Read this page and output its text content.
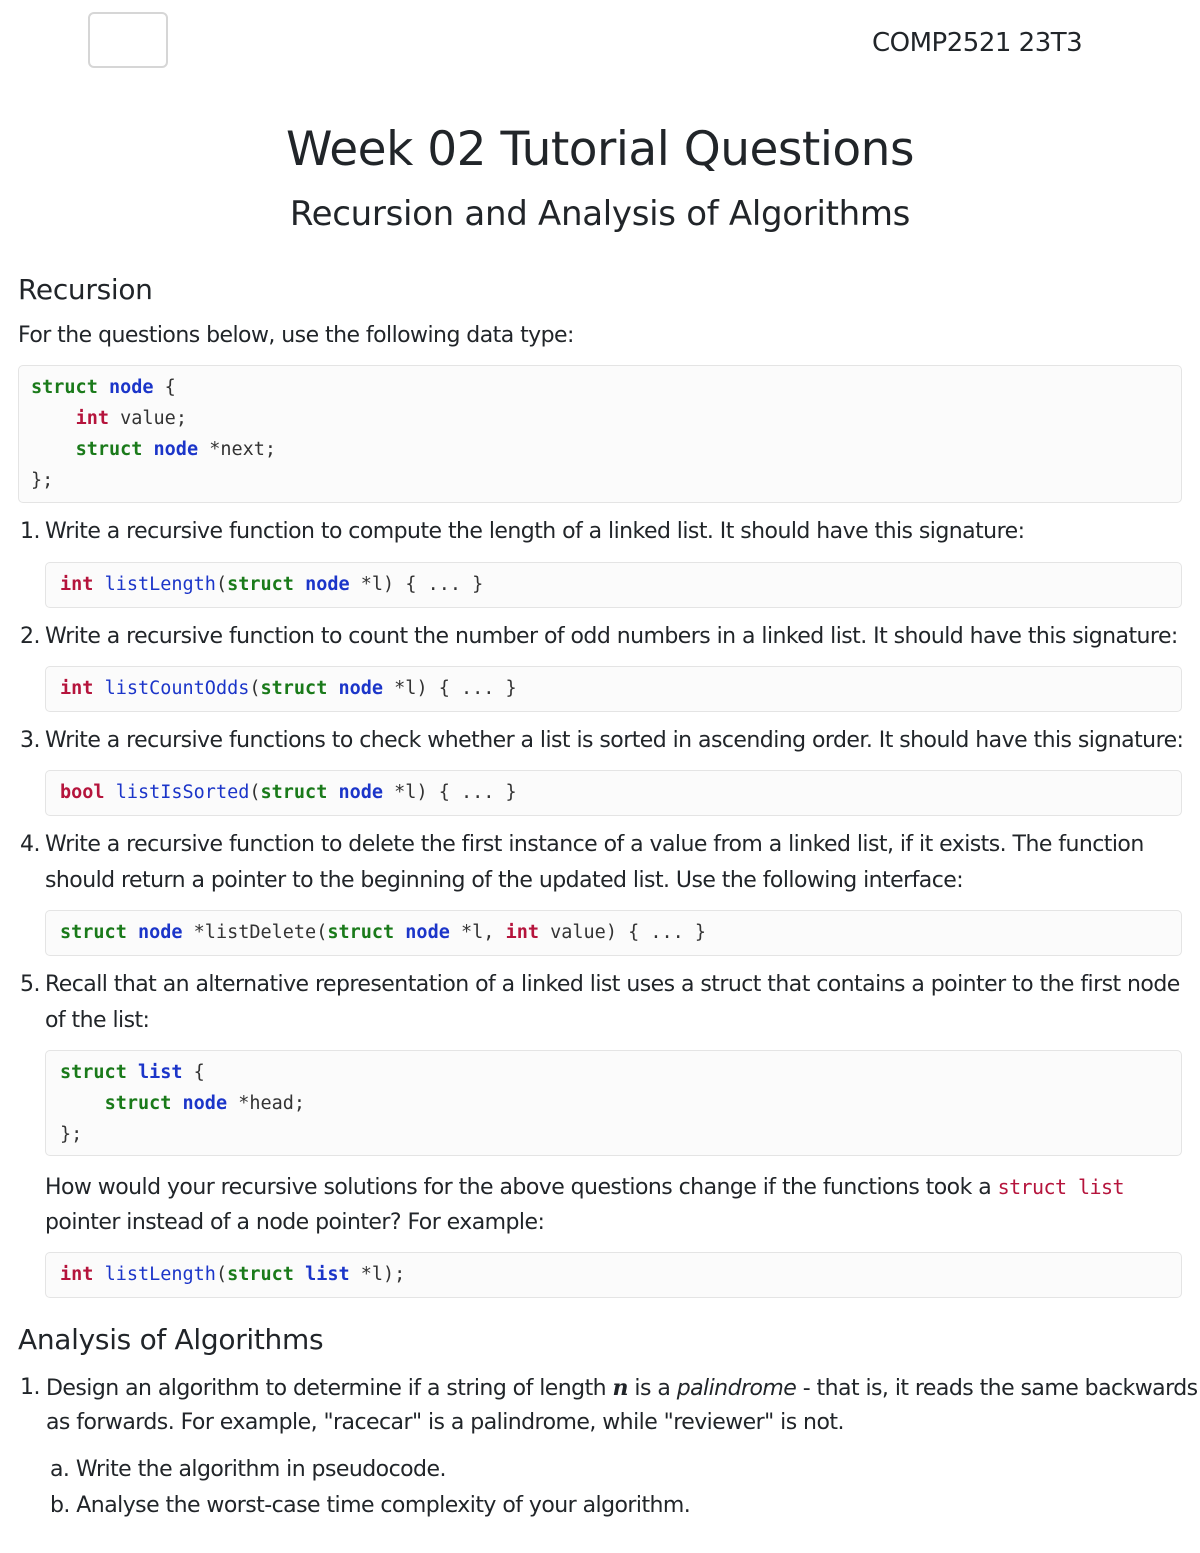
COMP2521 23T3
Week 02 Tutorial Questions
Recursion and Analysis of Algorithms
Recursion
For the questions below, use the following data type:
struct node {
int value;
struct node *next;
};
1. Write a recursive function to compute the length of a linked list. It should have this signature:
int listLength(struct node *l) { ... }
2. Write a recursive function to count the number of odd numbers in a linked list. It should have this signature:
int listCountOdds(struct node *l) { ... }
3. Write a recursive functions to check whether a list is sorted in ascending order. It should have this signature:
bool listIsSorted(struct node *l) { ... }
4. Write a recursive function to delete the first instance of a value from a linked list, if it exists. The function
should return a pointer to the beginning of the updated list. Use the following interface:
struct node *listDelete(struct node *l, int value) { ... }
5. Recall that an alternative representation of a linked list uses a struct that contains a pointer to the first node
of the list:
struct list {
struct node *head;
};
How would your recursive solutions for the above questions change if the functions took a struct list
pointer instead of a node pointer? For example:
int listLength(struct list *l);
Analysis of Algorithms
1. Design an algorithm to determine if a string of length n is a palindrome - that is, it reads the same backwards
as forwards. For example, "racecar" is a palindrome, while "reviewer" is not.
a. Write the algorithm in pseudocode.
b. Analyse the worst-case time complexity of your algorithm.
